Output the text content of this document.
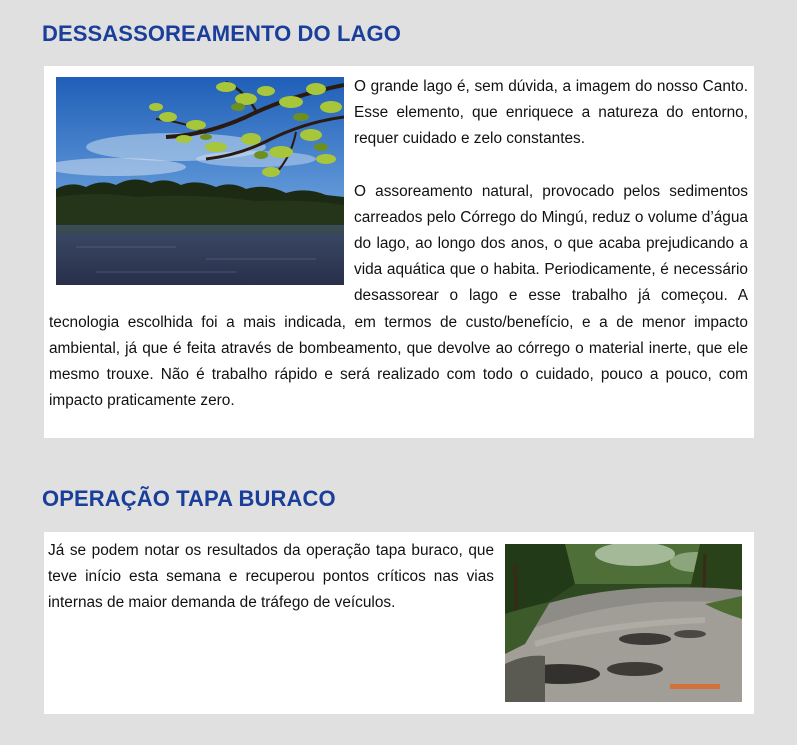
DESSASSOREAMENTO DO LAGO

O grande lago é, sem dúvida, a imagem do nosso Canto. Esse elemento, que enriquece a natureza do entorno, requer cuidado e zelo constantes.

O assoreamento natural, provocado pelos sedimentos carreados pelo Córrego do Mingú, reduz o volume d’água do lago, ao longo dos anos, o que acaba prejudicando a vida aquática que o habita. Periodicamente, é necessário desassorear o lago e esse trabalho já começou. A tecnologia escolhida foi a mais indicada, em termos de custo/benefício, e a de menor impacto ambiental, já que é feita através de bombeamento, que devolve ao córrego o material inerte, que ele mesmo trouxe. Não é trabalho rápido e será realizado com todo o cuidado, pouco a pouco, com impacto praticamente zero.

OPERAÇÃO TAPA BURACO

Já se podem notar os resultados da operação tapa buraco, que teve início esta semana e recuperou pontos críticos nas vias internas de maior demanda de tráfego de veículos.
